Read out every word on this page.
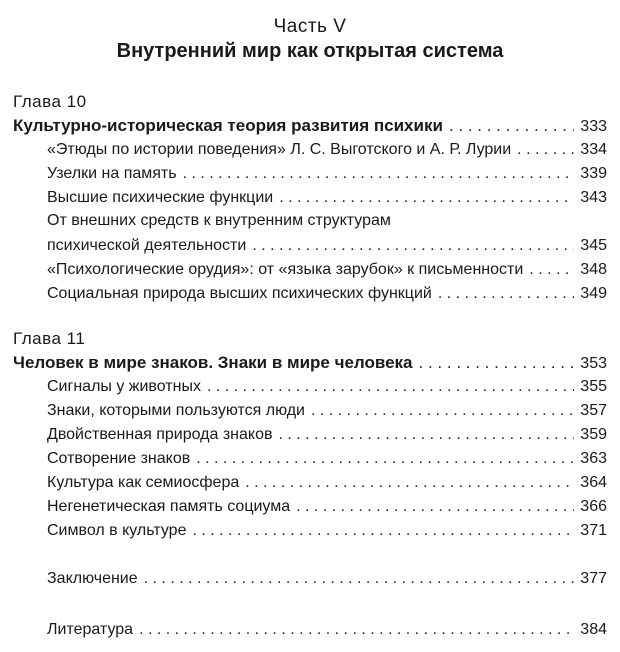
Часть V
Внутренний мир как открытая система
Глава 10
Культурно-историческая теория развития психики . . .	333
«Этюды по истории поведения» Л. С. Выготского и А. Р. Лурии . . .	334
Узелки на память . . .	339
Высшие психические функции . . .	343
От внешних средств к внутренним структурам
психической деятельности . . .	345
«Психологические орудия»: от «языка зарубок» к письменности . . .	348
Социальная природа высших психических функций . . .	349
Глава 11
Человек в мире знаков. Знаки в мире человека . . .	353
Сигналы у животных . . .	355
Знаки, которыми пользуются люди . . .	357
Двойственная природа знаков . . .	359
Сотворение знаков . . .	363
Культура как семиосфера . . .	364
Негенетическая память социума . . .	366
Символ в культуре . . .	371
Заключение . . .	377
Литература . . .	384
